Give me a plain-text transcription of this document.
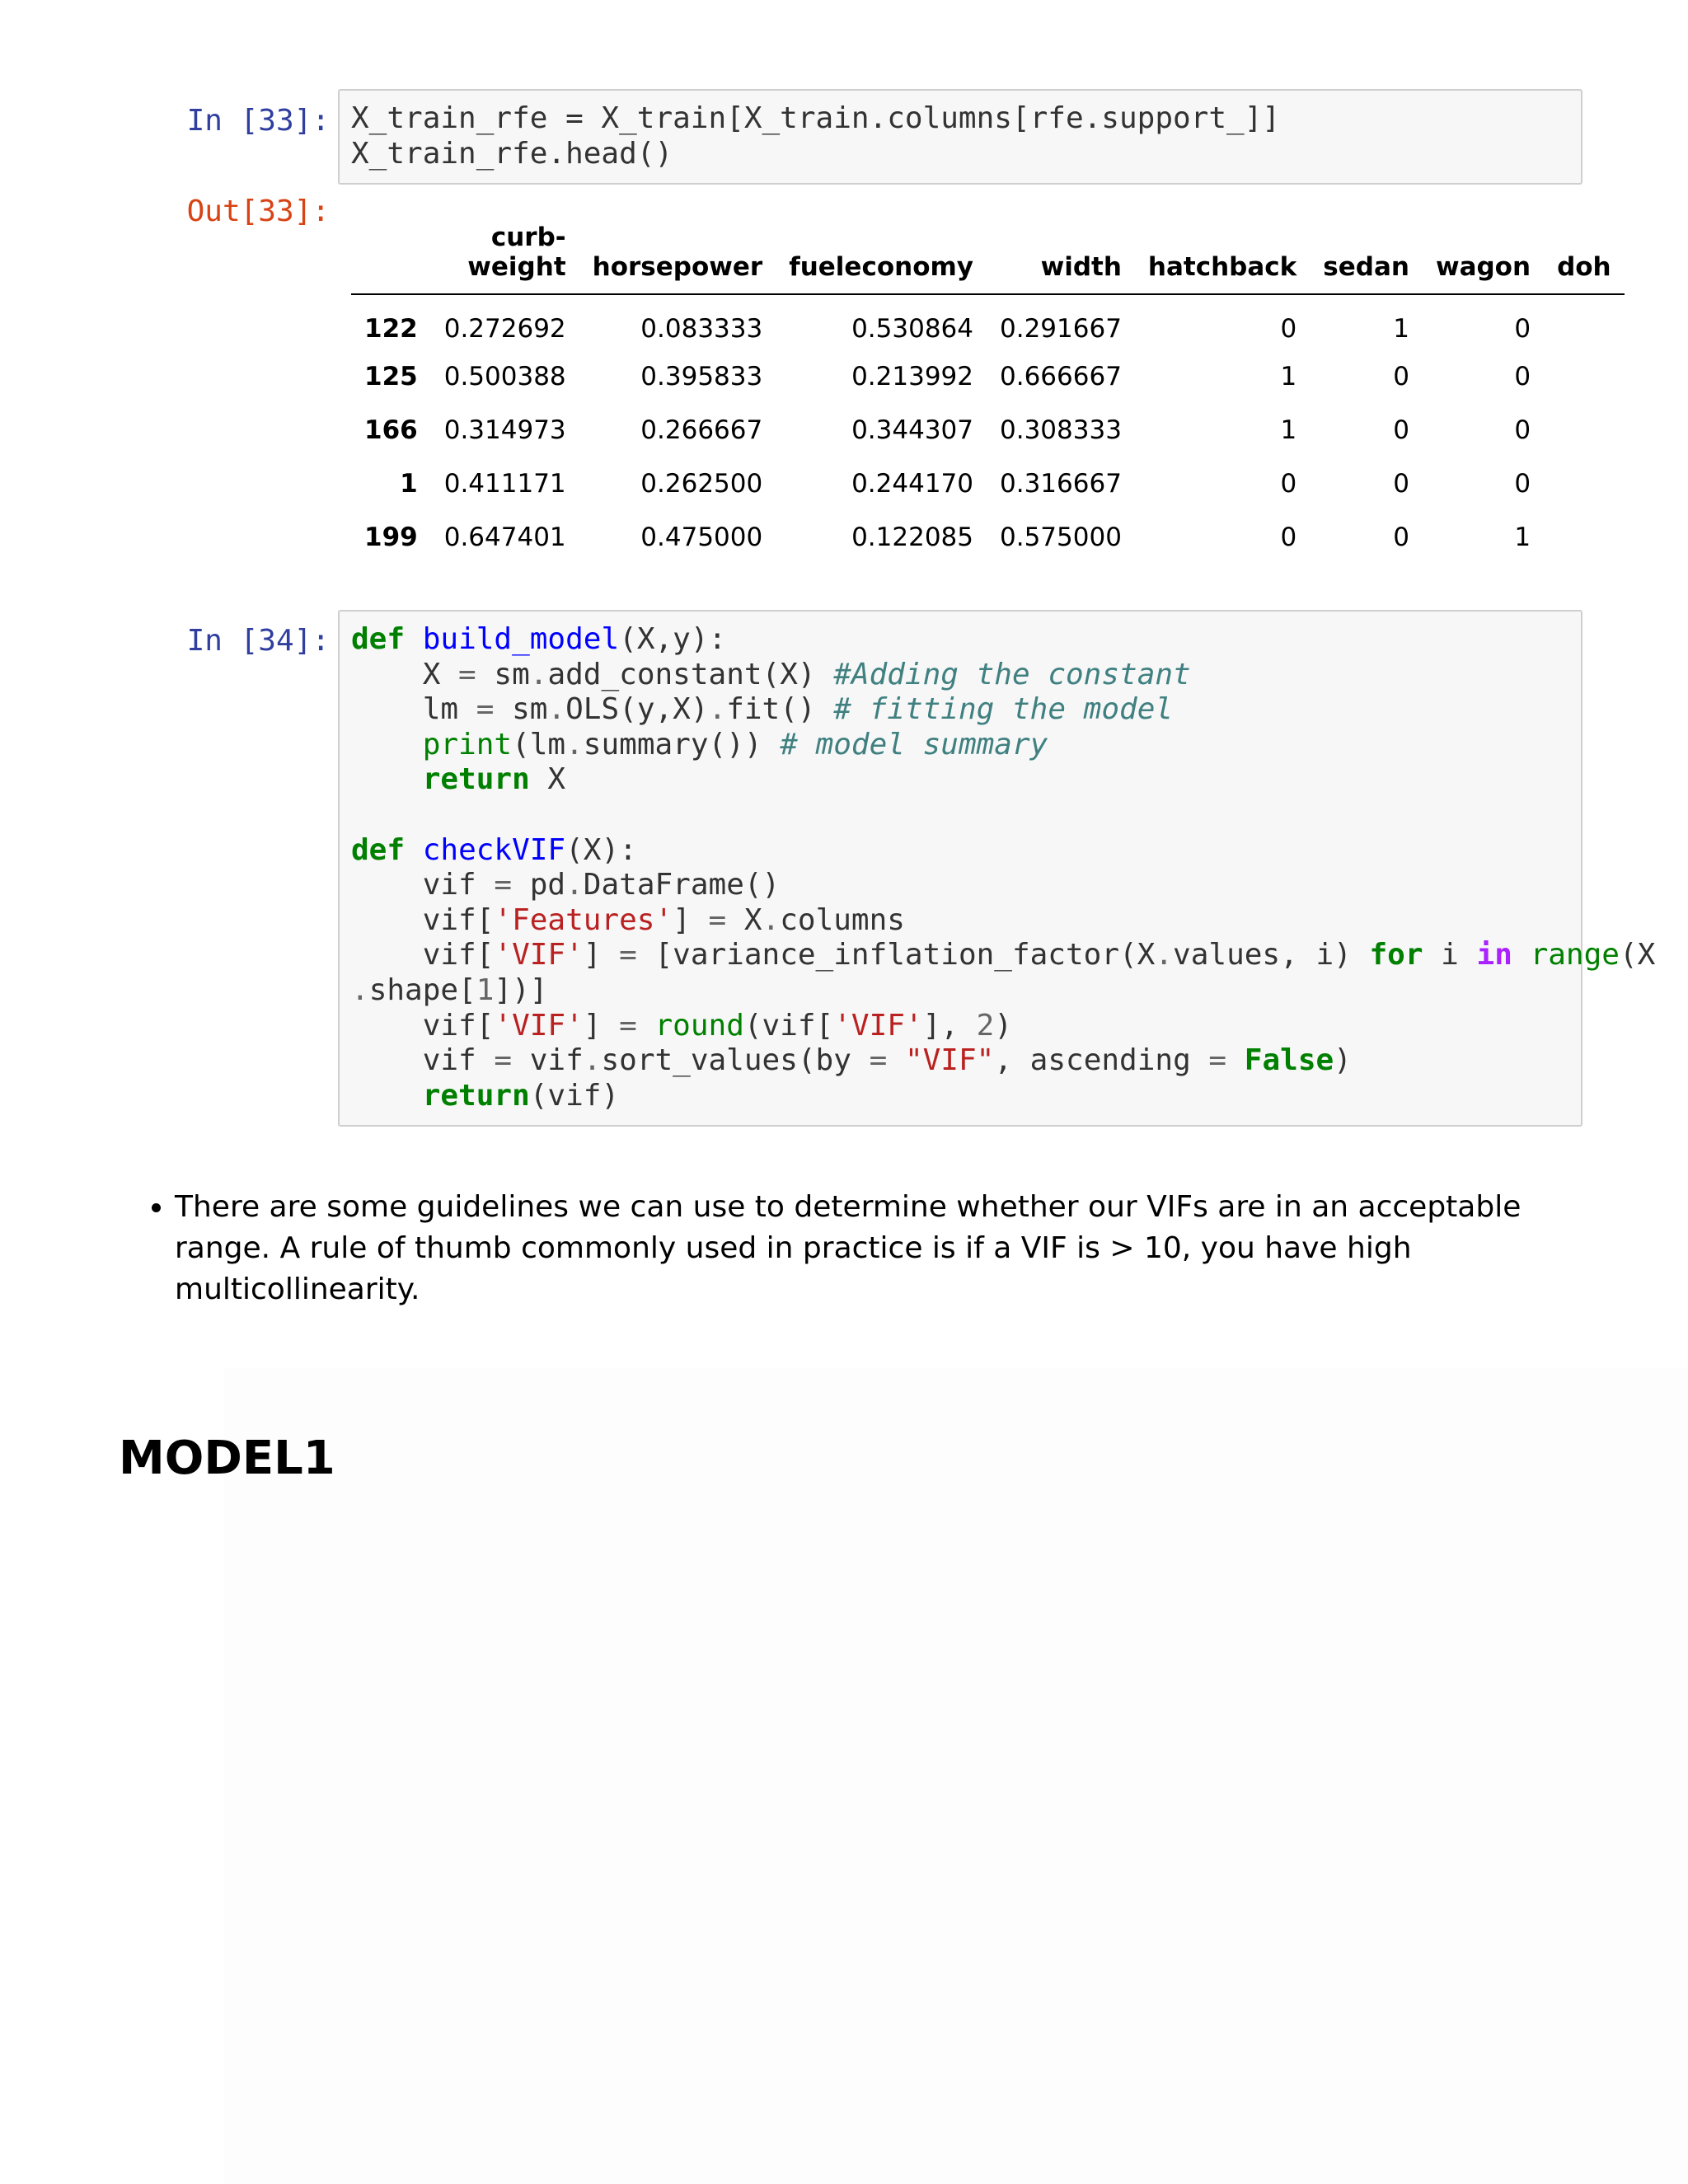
In [33]: X_train_rfe = X_train[X_train.columns[rfe.support_]]
X_train_rfe.head()
Out[33]:
	curb-
weight	horsepower	fueleconomy	width	hatchback	sedan	wagon	doh
122	0.272692	0.083333	0.530864	0.291667	0	1	0	
125	0.500388	0.395833	0.213992	0.666667	1	0	0	
166	0.314973	0.266667	0.344307	0.308333	1	0	0	
1	0.411171	0.262500	0.244170	0.316667	0	0	0	
199	0.647401	0.475000	0.122085	0.575000	0	0	1	
In [34]: def build_model(X,y):
X = sm.add_constant(X) #Adding the constant
lm = sm.OLS(y,X).fit() # fitting the model
print(lm.summary()) # model summary
return X

def checkVIF(X):
vif = pd.DataFrame()
vif['Features'] = X.columns
vif['VIF'] = [variance_inflation_factor(X.values, i) for i in range(X
.shape[1])]
vif['VIF'] = round(vif['VIF'], 2)
vif = vif.sort_values(by = "VIF", ascending = False)
return(vif)
• There are some guidelines we can use to determine whether our VIFs are in an acceptable range. A rule of thumb commonly used in practice is if a VIF is > 10, you have high multicollinearity.
MODEL1
